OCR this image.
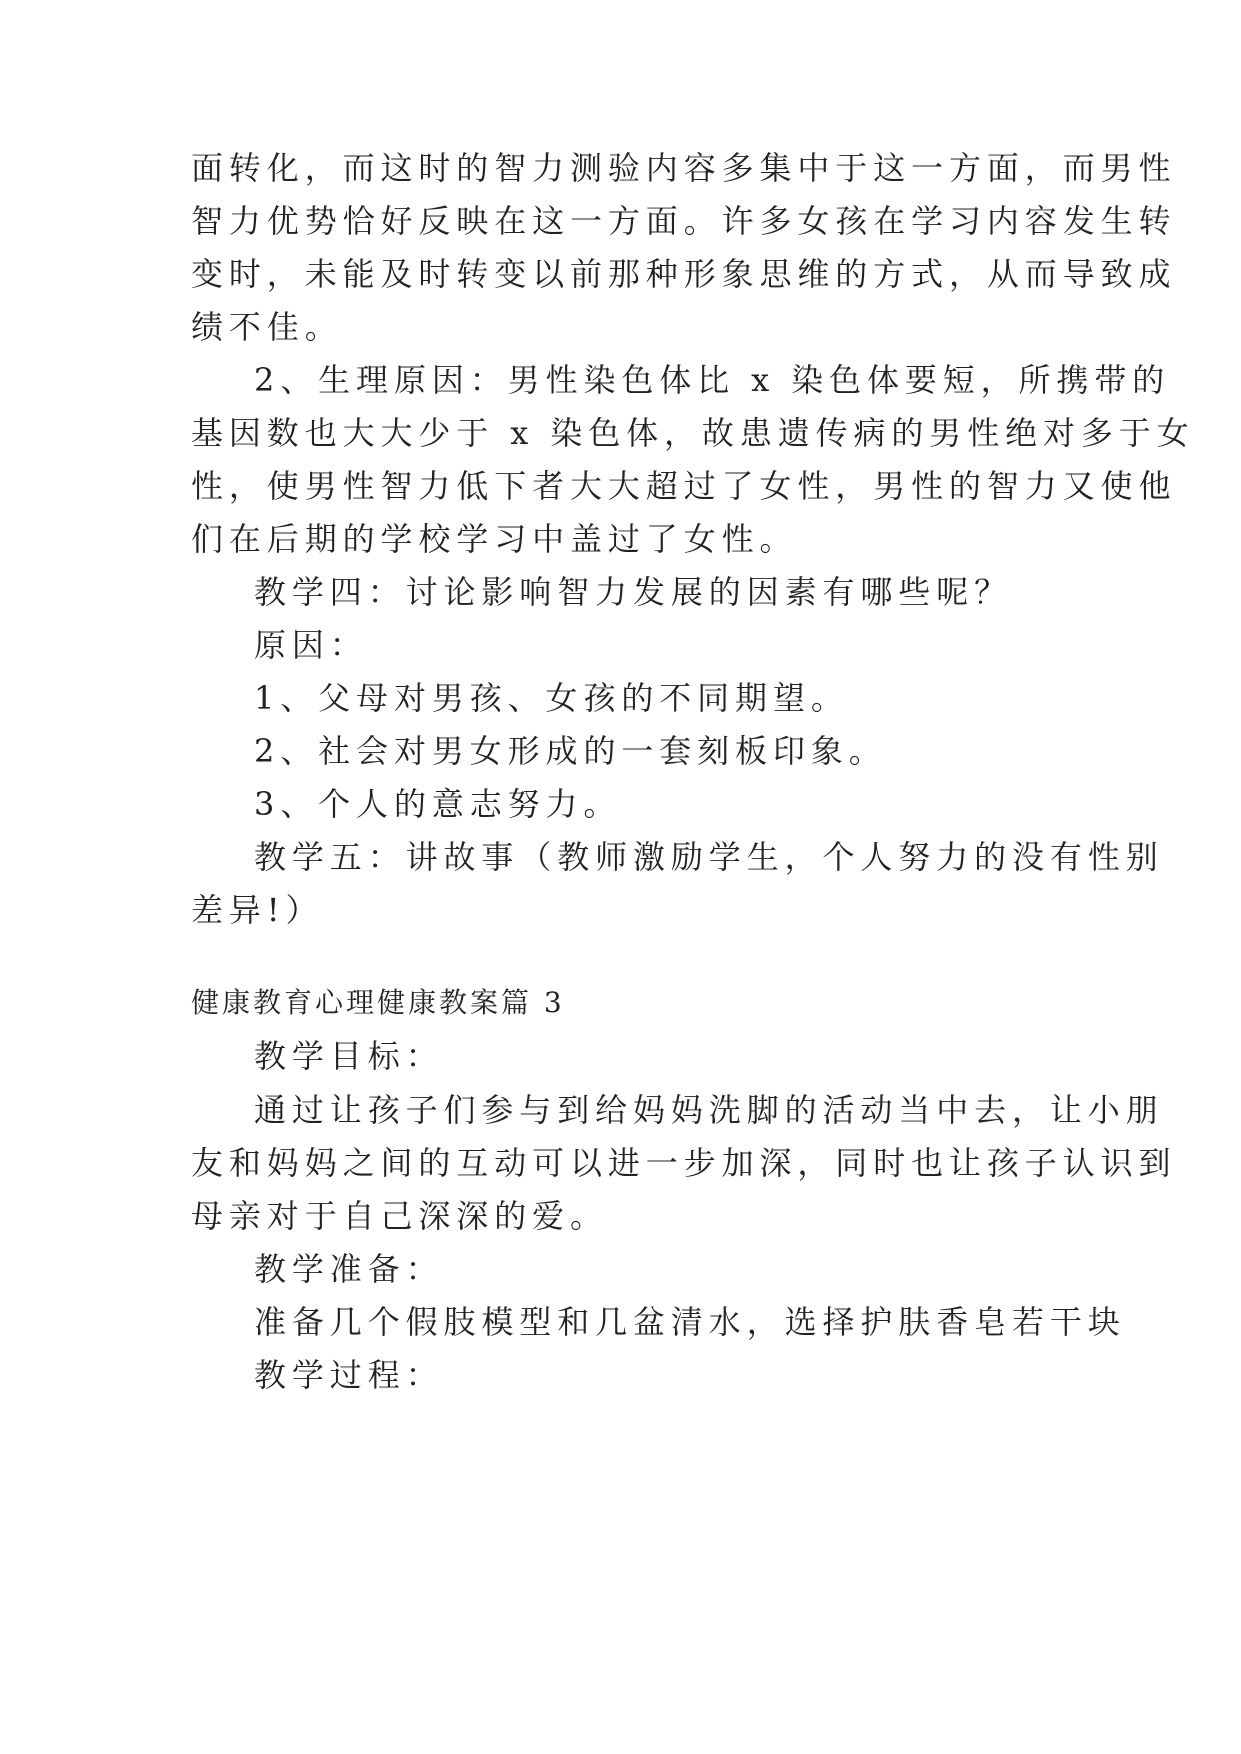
面转化，而这时的智力测验内容多集中于这一方面，而男性
智力优势恰好反映在这一方面。许多女孩在学习内容发生转
变时，未能及时转变以前那种形象思维的方式，从而导致成
绩不佳。
2、生理原因：男性染色体比 x 染色体要短，所携带的
基因数也大大少于 x 染色体，故患遗传病的男性绝对多于女
性，使男性智力低下者大大超过了女性，男性的智力又使他
们在后期的学校学习中盖过了女性。
教学四：讨论影响智力发展的因素有哪些呢？
原因：
1、父母对男孩、女孩的不同期望。
2、社会对男女形成的一套刻板印象。
3、个人的意志努力。
教学五：讲故事（教师激励学生，个人努力的没有性别
差异!）
健康教育心理健康教案篇 3
教学目标：
通过让孩子们参与到给妈妈洗脚的活动当中去，让小朋
友和妈妈之间的互动可以进一步加深，同时也让孩子认识到
母亲对于自己深深的爱。
教学准备：
准备几个假肢模型和几盆清水，选择护肤香皂若干块
教学过程：
